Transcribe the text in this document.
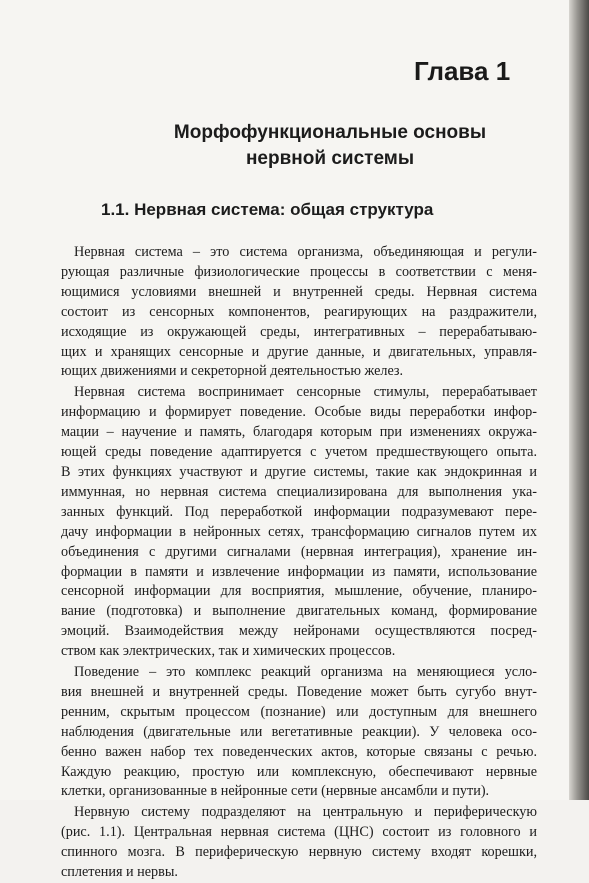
Глава 1
Морфофункциональные основы
нервной системы
1.1. Нервная система: общая структура

Нервная система – это система организма, объединяющая и регули-
рующая различные физиологические процессы в соответствии с меня-
ющимися условиями внешней и внутренней среды. Нервная система
состоит из сенсорных компонентов, реагирующих на раздражители,
исходящие из окружающей среды, интегративных – перерабатываю-
щих и хранящих сенсорные и другие данные, и двигательных, управля-
ющих движениями и секреторной деятельностью желез.

Нервная система воспринимает сенсорные стимулы, перерабатывает
информацию и формирует поведение. Особые виды переработки инфор-
мации – научение и память, благодаря которым при изменениях окружа-
ющей среды поведение адаптируется с учетом предшествующего опыта.
В этих функциях участвуют и другие системы, такие как эндокринная и
иммунная, но нервная система специализирована для выполнения ука-
занных функций. Под переработкой информации подразумевают пере-
дачу информации в нейронных сетях, трансформацию сигналов путем их
объединения с другими сигналами (нервная интеграция), хранение ин-
формации в памяти и извлечение информации из памяти, использование
сенсорной информации для восприятия, мышление, обучение, планиро-
вание (подготовка) и выполнение двигательных команд, формирование
эмоций. Взаимодействия между нейронами осуществляются посред-
ством как электрических, так и химических процессов.

Поведение – это комплекс реакций организма на меняющиеся усло-
вия внешней и внутренней среды. Поведение может быть сугубо внут-
ренним, скрытым процессом (познание) или доступным для внешнего
наблюдения (двигательные или вегетативные реакции). У человека осо-
бенно важен набор тех поведенческих актов, которые связаны с речью.
Каждую реакцию, простую или комплексную, обеспечивают нервные
клетки, организованные в нейронные сети (нервные ансамбли и пути).

Нервную систему подразделяют на центральную и периферическую
(рис. 1.1). Центральная нервная система (ЦНС) состоит из головного и
спинного мозга. В периферическую нервную систему входят корешки,
сплетения и нервы.
